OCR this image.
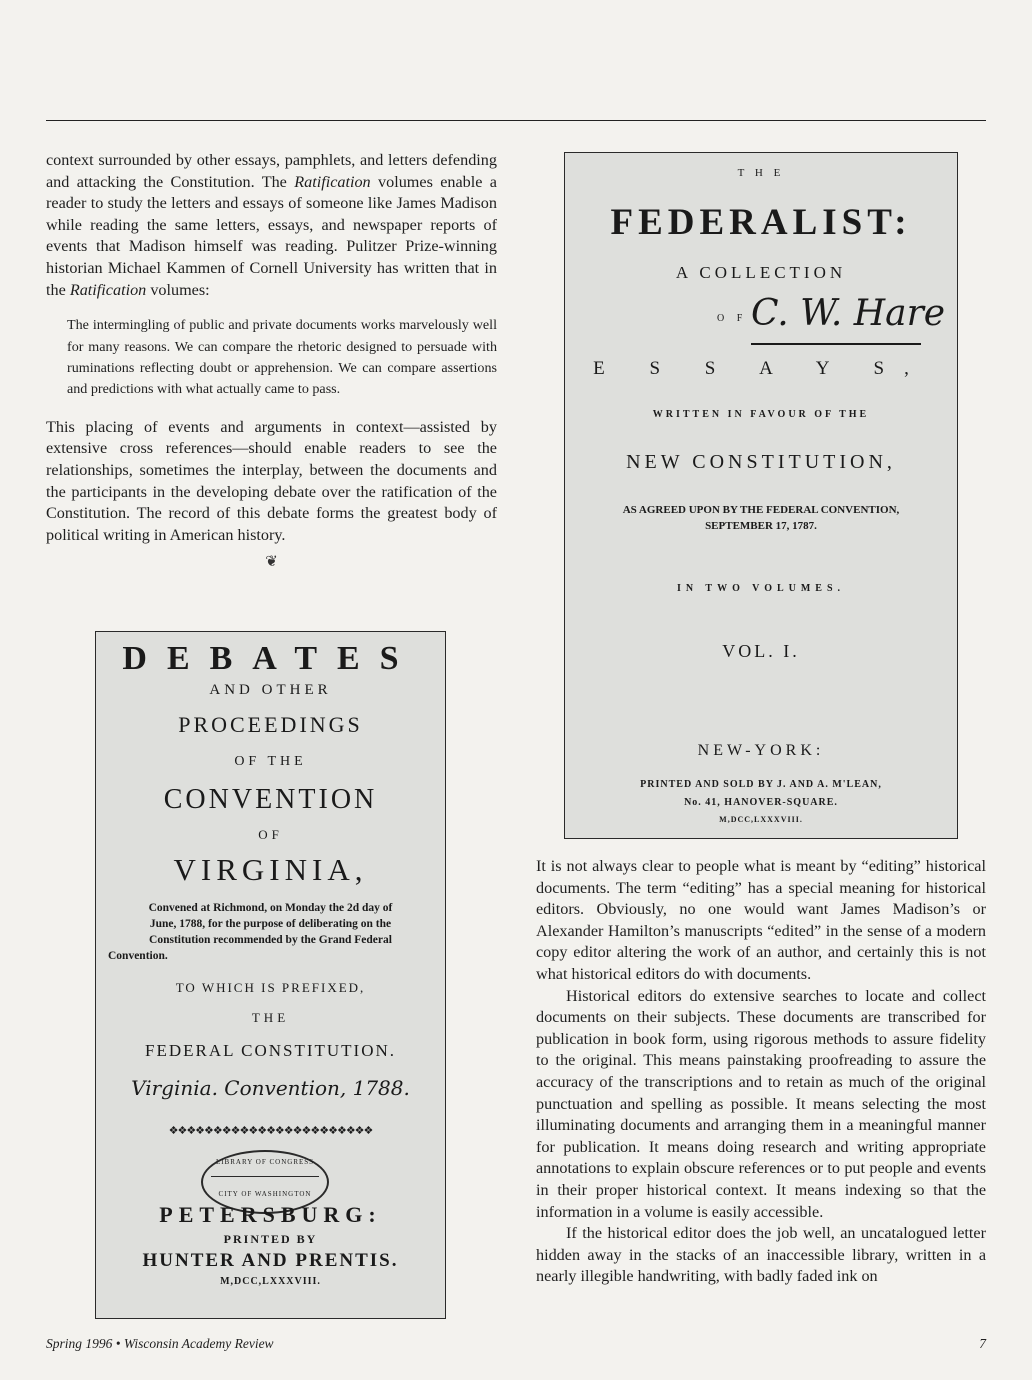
context surrounded by other essays, pamphlets, and letters defending and attacking the Constitution. The Ratification volumes enable a reader to study the letters and essays of someone like James Madison while reading the same letters, essays, and newspaper reports of events that Madison himself was reading. Pulitzer Prize-winning historian Michael Kammen of Cornell University has written that in the Ratification volumes:

The intermingling of public and private documents works marvelously well for many reasons. We can compare the rhetoric designed to persuade with ruminations reflecting doubt or apprehension. We can compare assertions and predictions with what actually came to pass.

This placing of events and arguments in context—assisted by extensive cross references—should enable readers to see the relationships, sometimes the interplay, between the documents and the participants in the developing debate over the ratification of the Constitution. The record of this debate forms the greatest body of political writing in American history.

❦

T H E

FEDERALIST:

A COLLECTION

O F C. W. Hare

E S S A Y S,

WRITTEN IN FAVOUR OF THE

NEW CONSTITUTION,

AS AGREED UPON BY THE FEDERAL CONVENTION,

SEPTEMBER 17, 1787.

IN TWO VOLUMES.

VOL. I.

NEW-YORK:

PRINTED AND SOLD BY J. AND A. M'LEAN,

No. 41, HANOVER-SQUARE.

M,DCC,LXXXVIII.

DEBATES

AND OTHER

PROCEEDINGS

OF THE

CONVENTION

OF

VIRGINIA,

Convened at Richmond, on Monday the 2d day of

June, 1788, for the purpose of deliberating on the

Constitution recommended by the Grand Federal

Convention.

TO WHICH IS PREFIXED,

THE

FEDERAL CONSTITUTION.

Virginia. Convention, 1788.

❖❖❖❖❖❖❖❖❖❖❖❖❖❖❖❖❖❖❖❖❖❖❖

LIBRARY OF CONGRESS
CITY OF WASHINGTON

PETERSBURG:

PRINTED BY

HUNTER AND PRENTIS.

M,DCC,LXXXVIII.

It is not always clear to people what is meant by “editing” historical documents. The term “editing” has a special meaning for historical editors. Obviously, no one would want James Madison’s or Alexander Hamilton’s manuscripts “edited” in the sense of a modern copy editor altering the work of an author, and certainly this is not what historical editors do with documents.

Historical editors do extensive searches to locate and collect documents on their subjects. These documents are transcribed for publication in book form, using rigorous methods to assure fidelity to the original. This means painstaking proofreading to assure the accuracy of the transcriptions and to retain as much of the original punctuation and spelling as possible. It means selecting the most illuminating documents and arranging them in a meaningful manner for publication. It means doing research and writing appropriate annotations to explain obscure references or to put people and events in their proper historical context. It means indexing so that the information in a volume is easily accessible.

If the historical editor does the job well, an uncatalogued letter hidden away in the stacks of an inaccessible library, written in a nearly illegible handwriting, with badly faded ink on

Spring 1996 • Wisconsin Academy Review	7
